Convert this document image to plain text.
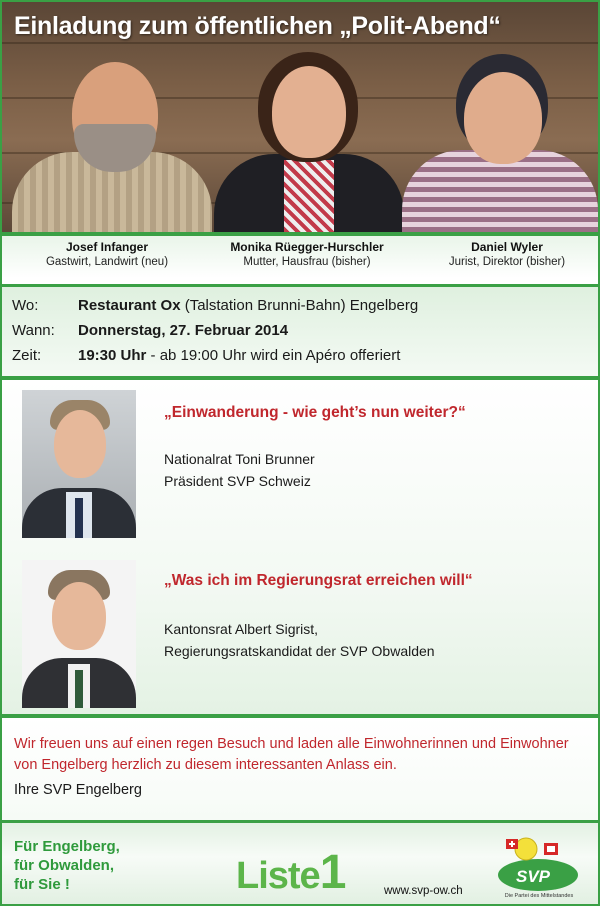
Einladung zum öffentlichen „Polit-Abend“
Josef Infanger
Gastwirt, Landwirt (neu)
Monika Rüegger-Hurschler
Mutter, Hausfrau (bisher)
Daniel Wyler
Jurist, Direktor (bisher)
Wo:	Restaurant Ox (Talstation Brunni-Bahn) Engelberg
Wann:	Donnerstag, 27. Februar 2014
Zeit:	19:30 Uhr - ab 19:00 Uhr wird ein Apéro offeriert
„Einwanderung - wie geht’s nun weiter?“
Nationalrat Toni Brunner
Präsident SVP Schweiz
„Was ich im Regierungsrat erreichen will“
Kantonsrat Albert Sigrist,
Regierungsratskandidat der SVP Obwalden
Wir freuen uns auf einen regen Besuch und laden alle Einwohnerinnen und Einwohner von Engelberg herzlich zu diesem interessanten Anlass ein.
Ihre SVP Engelberg
Für Engelberg,
für Obwalden,
für Sie !	Liste1	www.svp-ow.ch
SVP
Die Partei des Mittelstandes
